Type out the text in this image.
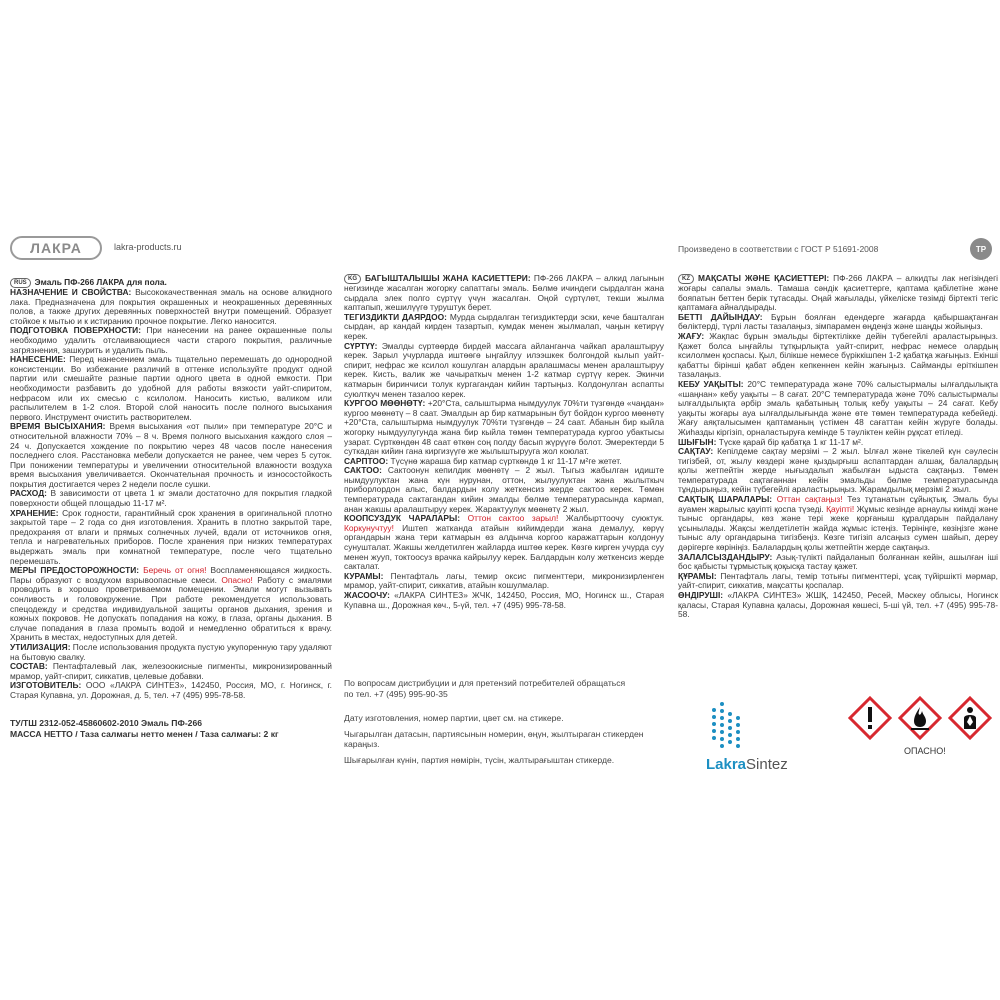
ЛАКРА	lakra-products.ru	Произведено в соответствии с ГОСТ Р 51691-2008	ТР

RUS Эмаль ПФ-266 ЛАКРА для пола.

НАЗНАЧЕНИЕ И СВОЙСТВА: Высококачественная эмаль на основе алкидного лака. Предназначена для покрытия окрашенных и неокрашенных деревянных полов, а также других деревянных поверхностей внутри помещений. Образует стойкое к мытью и к истиранию прочное покрытие. Легко наносится.

ПОДГОТОВКА ПОВЕРХНОСТИ: При нанесении на ранее окрашенные полы необходимо удалить отслаивающиеся части старого покрытия, различные загрязнения, зашкурить и удалить пыль.

НАНЕСЕНИЕ: Перед нанесением эмаль тщательно перемешать до однородной консистенции. Во избежание различий в оттенке используйте продукт одной партии или смешайте разные партии одного цвета в одной емкости. При необходимости разбавить до удобной для работы вязкости уайт-спиритом, нефрасом или их смесью с ксилолом. Наносить кистью, валиком или распылителем в 1-2 слоя. Второй слой наносить после полного высыхания первого. Инструмент очистить растворителем.

ВРЕМЯ ВЫСЫХАНИЯ: Время высыхания «от пыли» при температуре 20°С и относительной влажности 70% – 8 ч. Время полного высыхания каждого слоя – 24 ч. Допускается хождение по покрытию через 48 часов после нанесения последнего слоя. Расстановка мебели допускается не ранее, чем через 5 суток. При понижении температуры и увеличении относительной влажности воздуха время высыхания увеличивается. Окончательная прочность и износостойкость покрытия достигается через 2 недели после сушки.

РАСХОД: В зависимости от цвета 1 кг эмали достаточно для покрытия гладкой поверхности общей площадью 11-17 м².

ХРАНЕНИЕ: Срок годности, гарантийный срок хранения в оригинальной плотно закрытой таре – 2 года со дня изготовления. Хранить в плотно закрытой таре, предохраняя от влаги и прямых солнечных лучей, вдали от источников огня, тепла и нагревательных приборов. После хранения при низких температурах выдержать эмаль при комнатной температуре, после чего тщательно перемешать.

МЕРЫ ПРЕДОСТОРОЖНОСТИ: Беречь от огня! Воспламеняющаяся жидкость. Пары образуют с воздухом взрывоопасные смеси. Опасно! Работу с эмалями проводить в хорошо проветриваемом помещении. Эмали могут вызывать сонливость и головокружение. При работе рекомендуется использовать спецодежду и средства индивидуальной защиты органов дыхания, зрения и кожных покровов. Не допускать попадания на кожу, в глаза, органы дыхания. В случае попадания в глаза промыть водой и немедленно обратиться к врачу. Хранить в местах, недоступных для детей.

УТИЛИЗАЦИЯ: После использования продукта пустую укупоренную тару удаляют на бытовую свалку.

СОСТАВ: Пентафталевый лак, железоокисные пигменты, микронизированный мрамор, уайт-спирит, сиккатив, целевые добавки.

ИЗГОТОВИТЕЛЬ: ООО «ЛАКРА СИНТЕЗ», 142450, Россия, МО, г. Ногинск, г. Старая Купавна, ул. Дорожная, д. 5, тел. +7 (495) 995-78-58.

ТУ/ТШ 2312-052-45860602-2010 Эмаль ПФ-266
МАССА НЕТТО / Таза салмагы нетто менен / Таза салмағы: 2 кг

KG БАГЫШТАЛЫШЫ ЖАНА КАСИЕТТЕРИ: ПФ-266 ЛАКРА – алкид лагынын негизинде жасалган жогорку сапаттагы эмаль. Бөлмө ичиндеги сырдалган жана сырдала элек полго сүртүү үчүн жасалган. Оңой сүртүлөт, текши жылма каптапып, жешилүүгө туруштук берет.

ТЕГИЗДИКТИ ДАЯРДОО: Мурда сырдалган тегиздиктерди эски, кече башталган сырдан, ар кандай кирден тазартып, кумдак менен жылмалап, чаңын кетирүү керек.

СҮРТҮҮ: Эмалды сүртөөрдө бирдей массага айланганча чайкап аралаштыруу керек. Зарыл учурларда иштөөгө ыңгайлуу илээшкек болгондой кылып уайт-спирит, нефрас же ксилол кошулган алардын аралашмасы менен аралаштыруу керек. Кисть, валик же чачыраткыч менен 1-2 катмар сүртүү керек. Экинчи катмарын биринчиси толук кургагандан кийин тартыңыз. Колдонулган аспапты суюлткуч менен тазалоо керек.

КУРГОО МӨӨНӨТҮ: +20°Ста, салыштырма нымдуулук 70%ти түзгөндө «чаңдан» кургоо мөөнөтү – 8 саат. Эмалдын ар бир катмарынын бут бойдон кургоо мөөнөтү +20°Ста, салыштырма нымдуулук 70%ти түзгөндө – 24 саат. Абанын бир кыйла жогорку нымдуулугунда жана бир кыйла төмөн температурада кургоо убактысы узарат. Сүрткөндөн 48 саат өткөн соң полду басып жүрүүгө болот. Эмеректерди 5 суткадан кийин гана киргизүүгө же жылыштырууга жол коюлат.

САРПТОО: Түсүнө жараша бир катмар сүрткөндө 1 кг 11-17 м²ге жетет.

САКТОО: Сактоонун кепилдик мөөнөтү – 2 жыл. Тыгыз жабылган идиште нымдуулуктан жана күн нурунан, оттон, жылуулуктан жана жылыткыч приборлордон алыс, балдардын колу жеткенсиз жерде сактоо керек. Төмөн температурада сактагандан кийин эмалды бөлмө температурасында кармап, анан жакшы аралаштыруу керек. Жарактуулук мөөнөтү 2 жыл.

КООПСУЗДУК ЧАРАЛАРЫ: Оттон сактоо зарыл! Жалбырттоочу суюктук. Коркунучтуу! Иштеп жатканда атайын кийимдерди жана демалуу, көрүү органдарын жана тери катмарын өз алдынча коргоо каражаттарын колдонуу сунушталат. Жакшы желдетилген жайларда иштөө керек. Көзгө кирген учурда суу менен жууп, токтоосуз врачка кайрылуу керек. Балдардын колу жеткенсиз жерде сакталат.

КУРАМЫ: Пентафталь лагы, темир оксис пигменттери, микронизирленген мрамор, уайт-спирит, сиккатив, атайын кошулмалар.

ЖАСООЧУ: «ЛАКРА СИНТЕЗ» ЖЧК, 142450, Россия, МО, Ногинск ш., Старая Купавна ш., Дорожная көч., 5-үй, тел. +7 (495) 995-78-58.

По вопросам дистрибуции и для претензий потребителей обращаться
по тел. +7 (495) 995-90-35

Дату изготовления, номер партии, цвет см. на стикере.

Чыгарылган датасын, партиясынын номерин, өңүн, жылтыраган стикерден караңыз.

Шығарылған күнін, партия нөмірін, түсін, жалтырағыштан стикерде.

KZ МАҚСАТЫ ЖӘНЕ ҚАСИЕТТЕРІ: ПФ-266 ЛАКРА – алкидты лак негізіндегі жоғары сапалы эмаль. Тамаша сәндік қасиеттерге, қаптама қабілетіне және бояпатын беттен берік тұтасады. Оңай жағылады, үйкеліске төзімді біртекті тегіс қаптамаға айналдырады.

БЕТТІ ДАЙЫНДАУ: Бұрын боялған едендерге жағарда қабыршақтанған бөліктерді, түрлі ласты тазалаңыз, зімпарамен өңдеңіз және шаңды жойыңыз.

ЖАҒУ: Жақпас бұрын эмальды біртектілікке дейін түбегейлі араластырыңыз. Қажет болса ыңғайлы тұтқырлықта уайт-спирит, нефрас немесе олардың ксилолмен қоспасы. Қыл, білікше немесе бүріккішпен 1-2 қабатқа жағыңыз. Екінші қабатты бірінші қабат әбден кепкеннен кейін жағыңыз. Сайманды еріткішпен тазалаңыз.

КЕБУ УАҚЫТЫ: 20°С температурада және 70% салыстырмалы ылғалдылықта «шаңнан» кебу уақыты – 8 сағат. 20°С температурада және 70% салыстырмалы ылғалдылықта әрбір эмаль қабатының толық кебу уақыты – 24 сағат. Кебу уақыты жоғары ауа ылғалдылығында және өте төмен температурада кебейеді. Жағу аяқталысымен қаптаманың үстімен 48 сағаттан кейін жүруге болады. Жиһазды кіргізіп, орналастыруға кемінде 5 тәуліктен кейін рұқсат етіледі.

ШЫҒЫН: Түске қарай бір қабатқа 1 кг 11-17 м².

САҚТАУ: Кепілдеме сақтау мерзімі – 2 жыл. Ылғал және тікелей күн сәулесін тигізбей, от, жылу көздері және қыздырғыш аспаптардан алшақ, балалардың қолы жетпейтін жерде нығыздалып жабылған ыдыста сақтаңыз. Төмен температурада сақтағаннан кейін эмальды бөлме температурасында тұндырыңыз, кейін түбегейлі араластырыңыз. Жарамдылық мерзімі 2 жыл.

САҚТЫҚ ШАРАЛАРЫ: Оттан сақтаңыз! Тез тұтанатын сұйықтық. Эмаль буы ауамен жарылыс қауіпті қоспа түзеді. Қауіпті! Жұмыс кезінде арнаулы киімді және тыныс органдары, көз және тері жеке қорғаныш құралдарын пайдалану ұсынылады. Жақсы желдетілетін жайда жұмыс істеңіз. Терініңге, көзіңізге және тыныс алу органдарына тигізбеңіз. Көзге тигізіп алсаңыз сумен шайып, дереу дәрігерге көрініңіз. Балалардың қолы жетпейтін жерде сақтаңыз.

ЗАЛАЛСЫЗДАНДЫРУ: Азық-түлікті пайдаланып болғаннан кейін, ашылған ішi бос қабысты тұрмыстық қоқысқа тастау қажет.

ҚҰРАМЫ: Пентафталь лагы, темір тотығы пигменттері, ұсақ түйіршікті мәрмар, уайт-спирит, сиккатив, мақсатты қоспалар.

ӨНДІРУШІ: «ЛАКРА СИНТЕЗ» ЖШҚ, 142450, Ресей, Мәскеу облысы, Ногинск қаласы, Старая Купавна қаласы, Дорожная көшесі, 5-ші үй, тел. +7 (495) 995-78-58.

LakraSintez
ОПАСНО!
